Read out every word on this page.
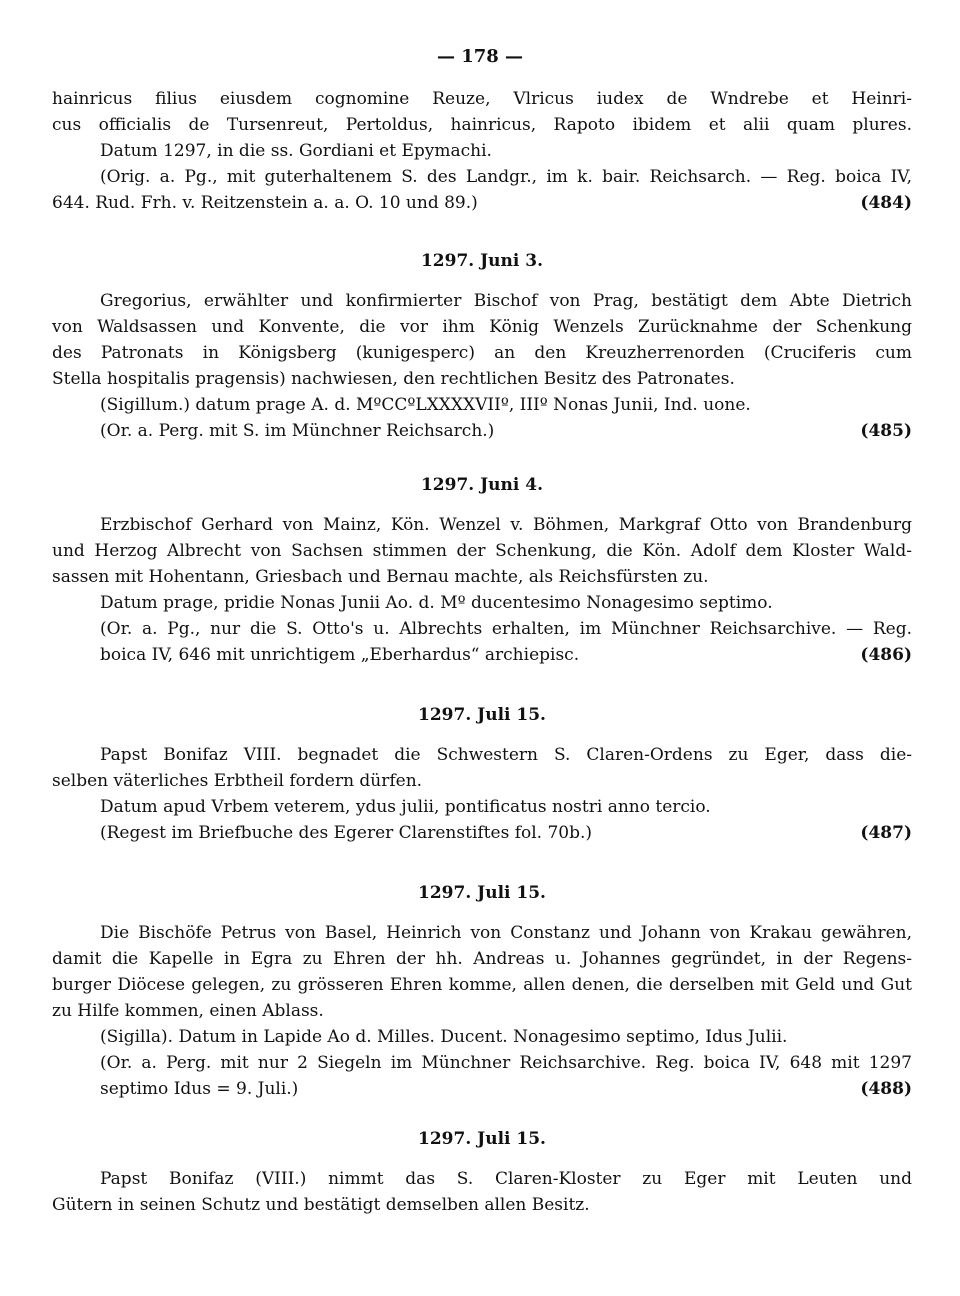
— 178 —
hainricus filius eiusdem cognomine Reuze, Vlricus iudex de Wndrebe et Heinri-
cus officialis de Tursenreut, Pertoldus, hainricus, Rapoto ibidem et alii quam plures.
Datum 1297, in die ss. Gordiani et Epymachi.
(Orig. a. Pg., mit guterhaltenem S. des Landgr., im k. bair. Reichsarch. — Reg. boica IV,
644. Rud. Frh. v. Reitzenstein a. a. O. 10 und 89.)	(484)
1297. Juni 3.
Gregorius, erwählter und konfirmierter Bischof von Prag, bestätigt dem Abte Dietrich
von Waldsassen und Konvente, die vor ihm König Wenzels Zurücknahme der Schenkung
des Patronats in Königsberg (kunigesperc) an den Kreuzherrenorden (Cruciferis cum
Stella hospitalis pragensis) nachwiesen, den rechtlichen Besitz des Patronates.
(Sigillum.) datum prage A. d. MºCCºLXXXXVIIº, IIIº Nonas Junii, Ind. uone.
(Or. a. Perg. mit S. im Münchner Reichsarch.)	(485)
1297. Juni 4.
Erzbischof Gerhard von Mainz, Kön. Wenzel v. Böhmen, Markgraf Otto von Brandenburg
und Herzog Albrecht von Sachsen stimmen der Schenkung, die Kön. Adolf dem Kloster Wald-
sassen mit Hohentann, Griesbach und Bernau machte, als Reichsfürsten zu.
Datum prage, pridie Nonas Junii Ao. d. Mº ducentesimo Nonagesimo septimo.
(Or. a. Pg., nur die S. Otto's u. Albrechts erhalten, im Münchner Reichsarchive. — Reg.
boica IV, 646 mit unrichtigem „Eberhardus“ archiepisc.	(486)
1297. Juli 15.
Papst Bonifaz VIII. begnadet die Schwestern S. Claren-Ordens zu Eger, dass die-
selben väterliches Erbtheil fordern dürfen.
Datum apud Vrbem veterem, ydus julii, pontificatus nostri anno tercio.
(Regest im Briefbuche des Egerer Clarenstiftes fol. 70b.)	(487)
1297. Juli 15.
Die Bischöfe Petrus von Basel, Heinrich von Constanz und Johann von Krakau gewähren,
damit die Kapelle in Egra zu Ehren der hh. Andreas u. Johannes gegründet, in der Regens-
burger Diöcese gelegen, zu grösseren Ehren komme, allen denen, die derselben mit Geld und Gut
zu Hilfe kommen, einen Ablass.
(Sigilla). Datum in Lapide Ao d. Milles. Ducent. Nonagesimo septimo, Idus Julii.
(Or. a. Perg. mit nur 2 Siegeln im Münchner Reichsarchive. Reg. boica IV, 648 mit 1297
septimo Idus = 9. Juli.)	(488)
1297. Juli 15.
Papst Bonifaz (VIII.) nimmt das S. Claren-Kloster zu Eger mit Leuten und
Gütern in seinen Schutz und bestätigt demselben allen Besitz.
